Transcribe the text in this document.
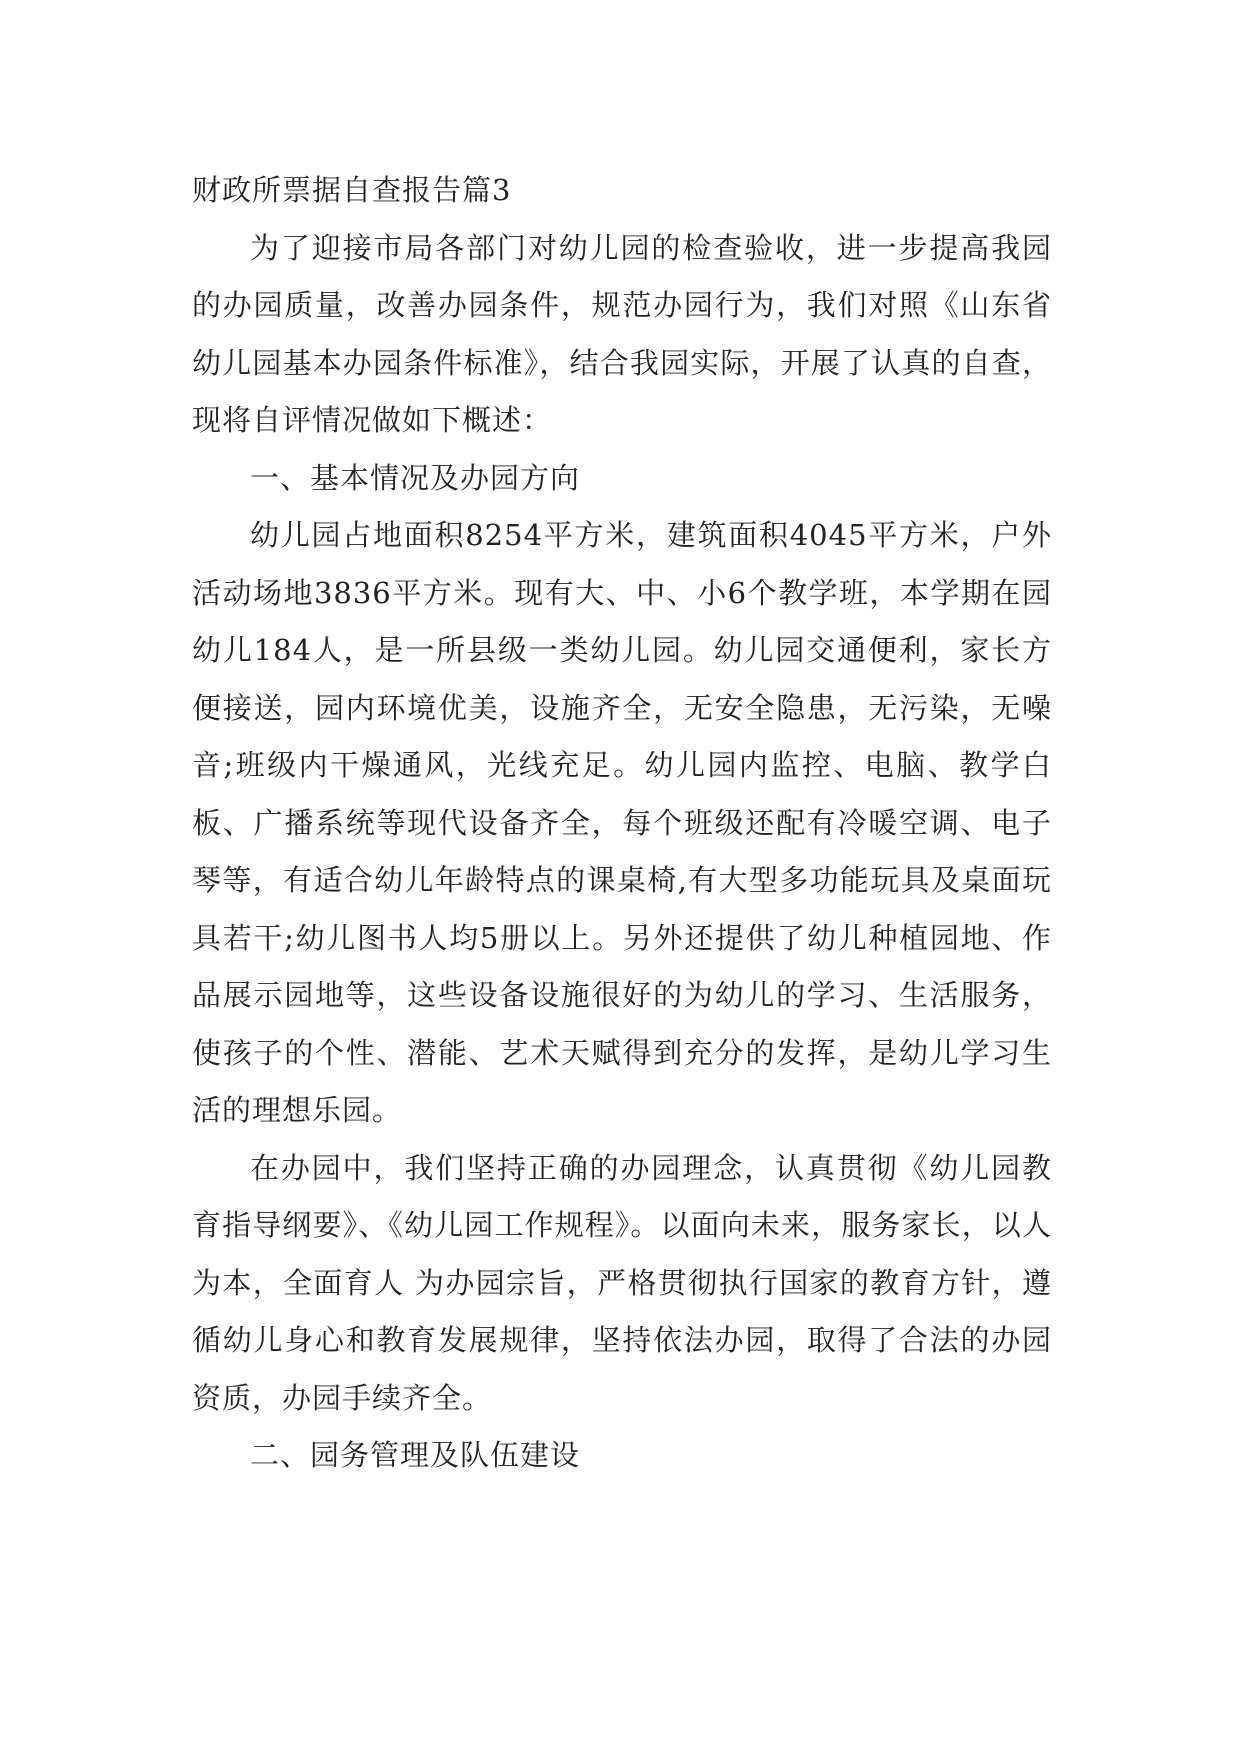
财政所票据自查报告篇3

为了迎接市局各部门对幼儿园的检查验收，进一步提高我园的办园质量，改善办园条件，规范办园行为，我们对照《山东省幼儿园基本办园条件标准》，结合我园实际，开展了认真的自查，现将自评情况做如下概述：

一、基本情况及办园方向

幼儿园占地面积8254平方米，建筑面积4045平方米，户外活动场地3836平方米。现有大、中、小6个教学班，本学期在园幼儿184人，是一所县级一类幼儿园。幼儿园交通便利，家长方便接送，园内环境优美，设施齐全，无安全隐患，无污染，无噪音;班级内干燥通风，光线充足。幼儿园内监控、电脑、教学白板、广播系统等现代设备齐全，每个班级还配有冷暖空调、电子琴等，有适合幼儿年龄特点的课桌椅,有大型多功能玩具及桌面玩具若干;幼儿图书人均5册以上。另外还提供了幼儿种植园地、作品展示园地等，这些设备设施很好的为幼儿的学习、生活服务，使孩子的个性、潜能、艺术天赋得到充分的发挥，是幼儿学习生活的理想乐园。

在办园中，我们坚持正确的办园理念，认真贯彻《幼儿园教育指导纲要》、《幼儿园工作规程》。以面向未来，服务家长，以人为本，全面育人 为办园宗旨，严格贯彻执行国家的教育方针，遵循幼儿身心和教育发展规律，坚持依法办园，取得了合法的办园资质，办园手续齐全。

二、园务管理及队伍建设
